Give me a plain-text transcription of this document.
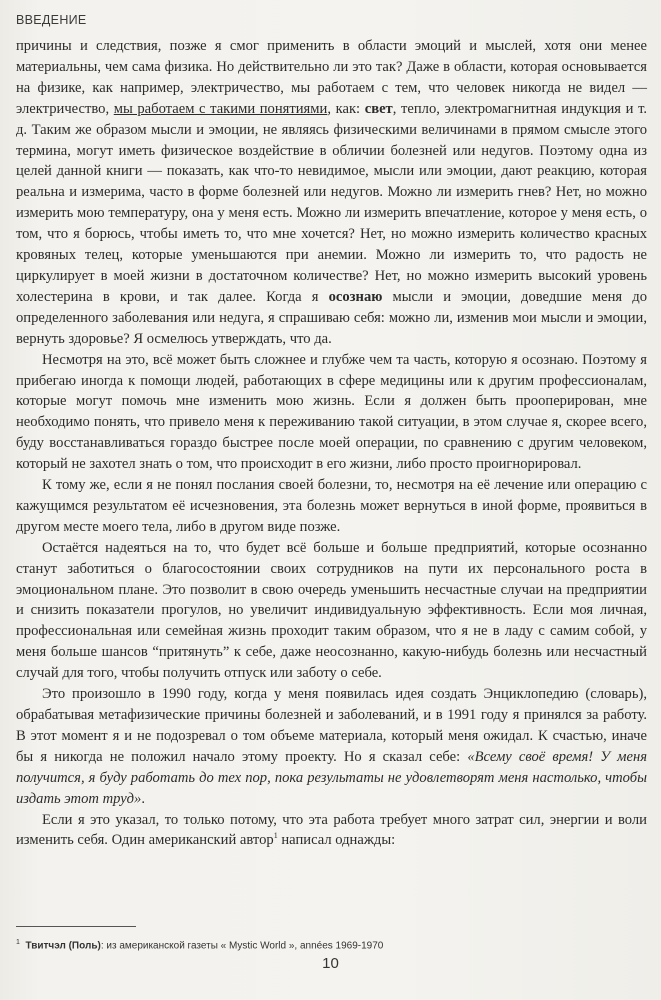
ВВЕДЕНИЕ

причины и следствия, позже я смог применить в области эмоций и мыслей, хотя они менее материальны, чем сама физика. Но действительно ли это так? Даже в области, которая основывается на физике, как например, электричество, мы работаем с тем, что человек никогда не видел — электричество, мы работаем с такими понятиями, как: свет, тепло, электромагнитная индукция и т. д. Таким же образом мысли и эмоции, не являясь физическими величинами в прямом смысле этого термина, могут иметь физическое воздействие в обличии болезней или недугов. Поэтому одна из целей данной книги — показать, как что-то невидимое, мысли или эмоции, дают реакцию, которая реальна и измерима, часто в форме болезней или недугов. Можно ли измерить гнев? Нет, но можно измерить мою температуру, она у меня есть. Можно ли измерить впечатление, которое у меня есть, о том, что я борюсь, чтобы иметь то, что мне хочется? Нет, но можно измерить количество красных кровяных телец, которые уменьшаются при анемии. Можно ли измерить то, что радость не циркулирует в моей жизни в достаточном количестве? Нет, но можно измерить высокий уровень холестерина в крови, и так далее. Когда я осознаю мысли и эмоции, доведшие меня до определенного заболевания или недуга, я спрашиваю себя: можно ли, изменив мои мысли и эмоции, вернуть здоровье? Я осмелюсь утверждать, что да.

Несмотря на это, всё может быть сложнее и глубже чем та часть, которую я осознаю. Поэтому я прибегаю иногда к помощи людей, работающих в сфере медицины или к другим профессионалам, которые могут помочь мне изменить мою жизнь. Если я должен быть прооперирован, мне необходимо понять, что привело меня к переживанию такой ситуации, в этом случае я, скорее всего, буду восстанавливаться гораздо быстрее после моей операции, по сравнению с другим человеком, который не захотел знать о том, что происходит в его жизни, либо просто проигнорировал.

К тому же, если я не понял послания своей болезни, то, несмотря на её лечение или операцию с кажущимся результатом её исчезновения, эта болезнь может вернуться в иной форме, проявиться в другом месте моего тела, либо в другом виде позже.

Остаётся надеяться на то, что будет всё больше и больше предприятий, которые осознанно станут заботиться о благосостоянии своих сотрудников на пути их персонального роста в эмоциональном плане. Это позволит в свою очередь уменьшить несчастные случаи на предприятии и снизить показатели прогулов, но увеличит индивидуальную эффективность. Если моя личная, профессиональная или семейная жизнь проходит таким образом, что я не в ладу с самим собой, у меня больше шансов “притянуть” к себе, даже неосознанно, какую-нибудь болезнь или несчастный случай для того, чтобы получить отпуск или заботу о себе.

Это произошло в 1990 году, когда у меня появилась идея создать Энциклопедию (словарь), обрабатывая метафизические причины болезней и заболеваний, и в 1991 году я принялся за работу. В этот момент я и не подозревал о том объеме материала, который меня ожидал. К счастью, иначе бы я никогда не положил начало этому проекту. Но я сказал себе: «Всему своё время! У меня получится, я буду работать до тех пор, пока результаты не удовлетворят меня настолько, чтобы издать этот труд».

Если я это указал, то только потому, что эта работа требует много затрат сил, энергии и воли изменить себя. Один американский автор$^1$ написал однажды:

$^1$ Твитчэл (Поль): из американской газеты « Mystic World », années 1969-1970
10
